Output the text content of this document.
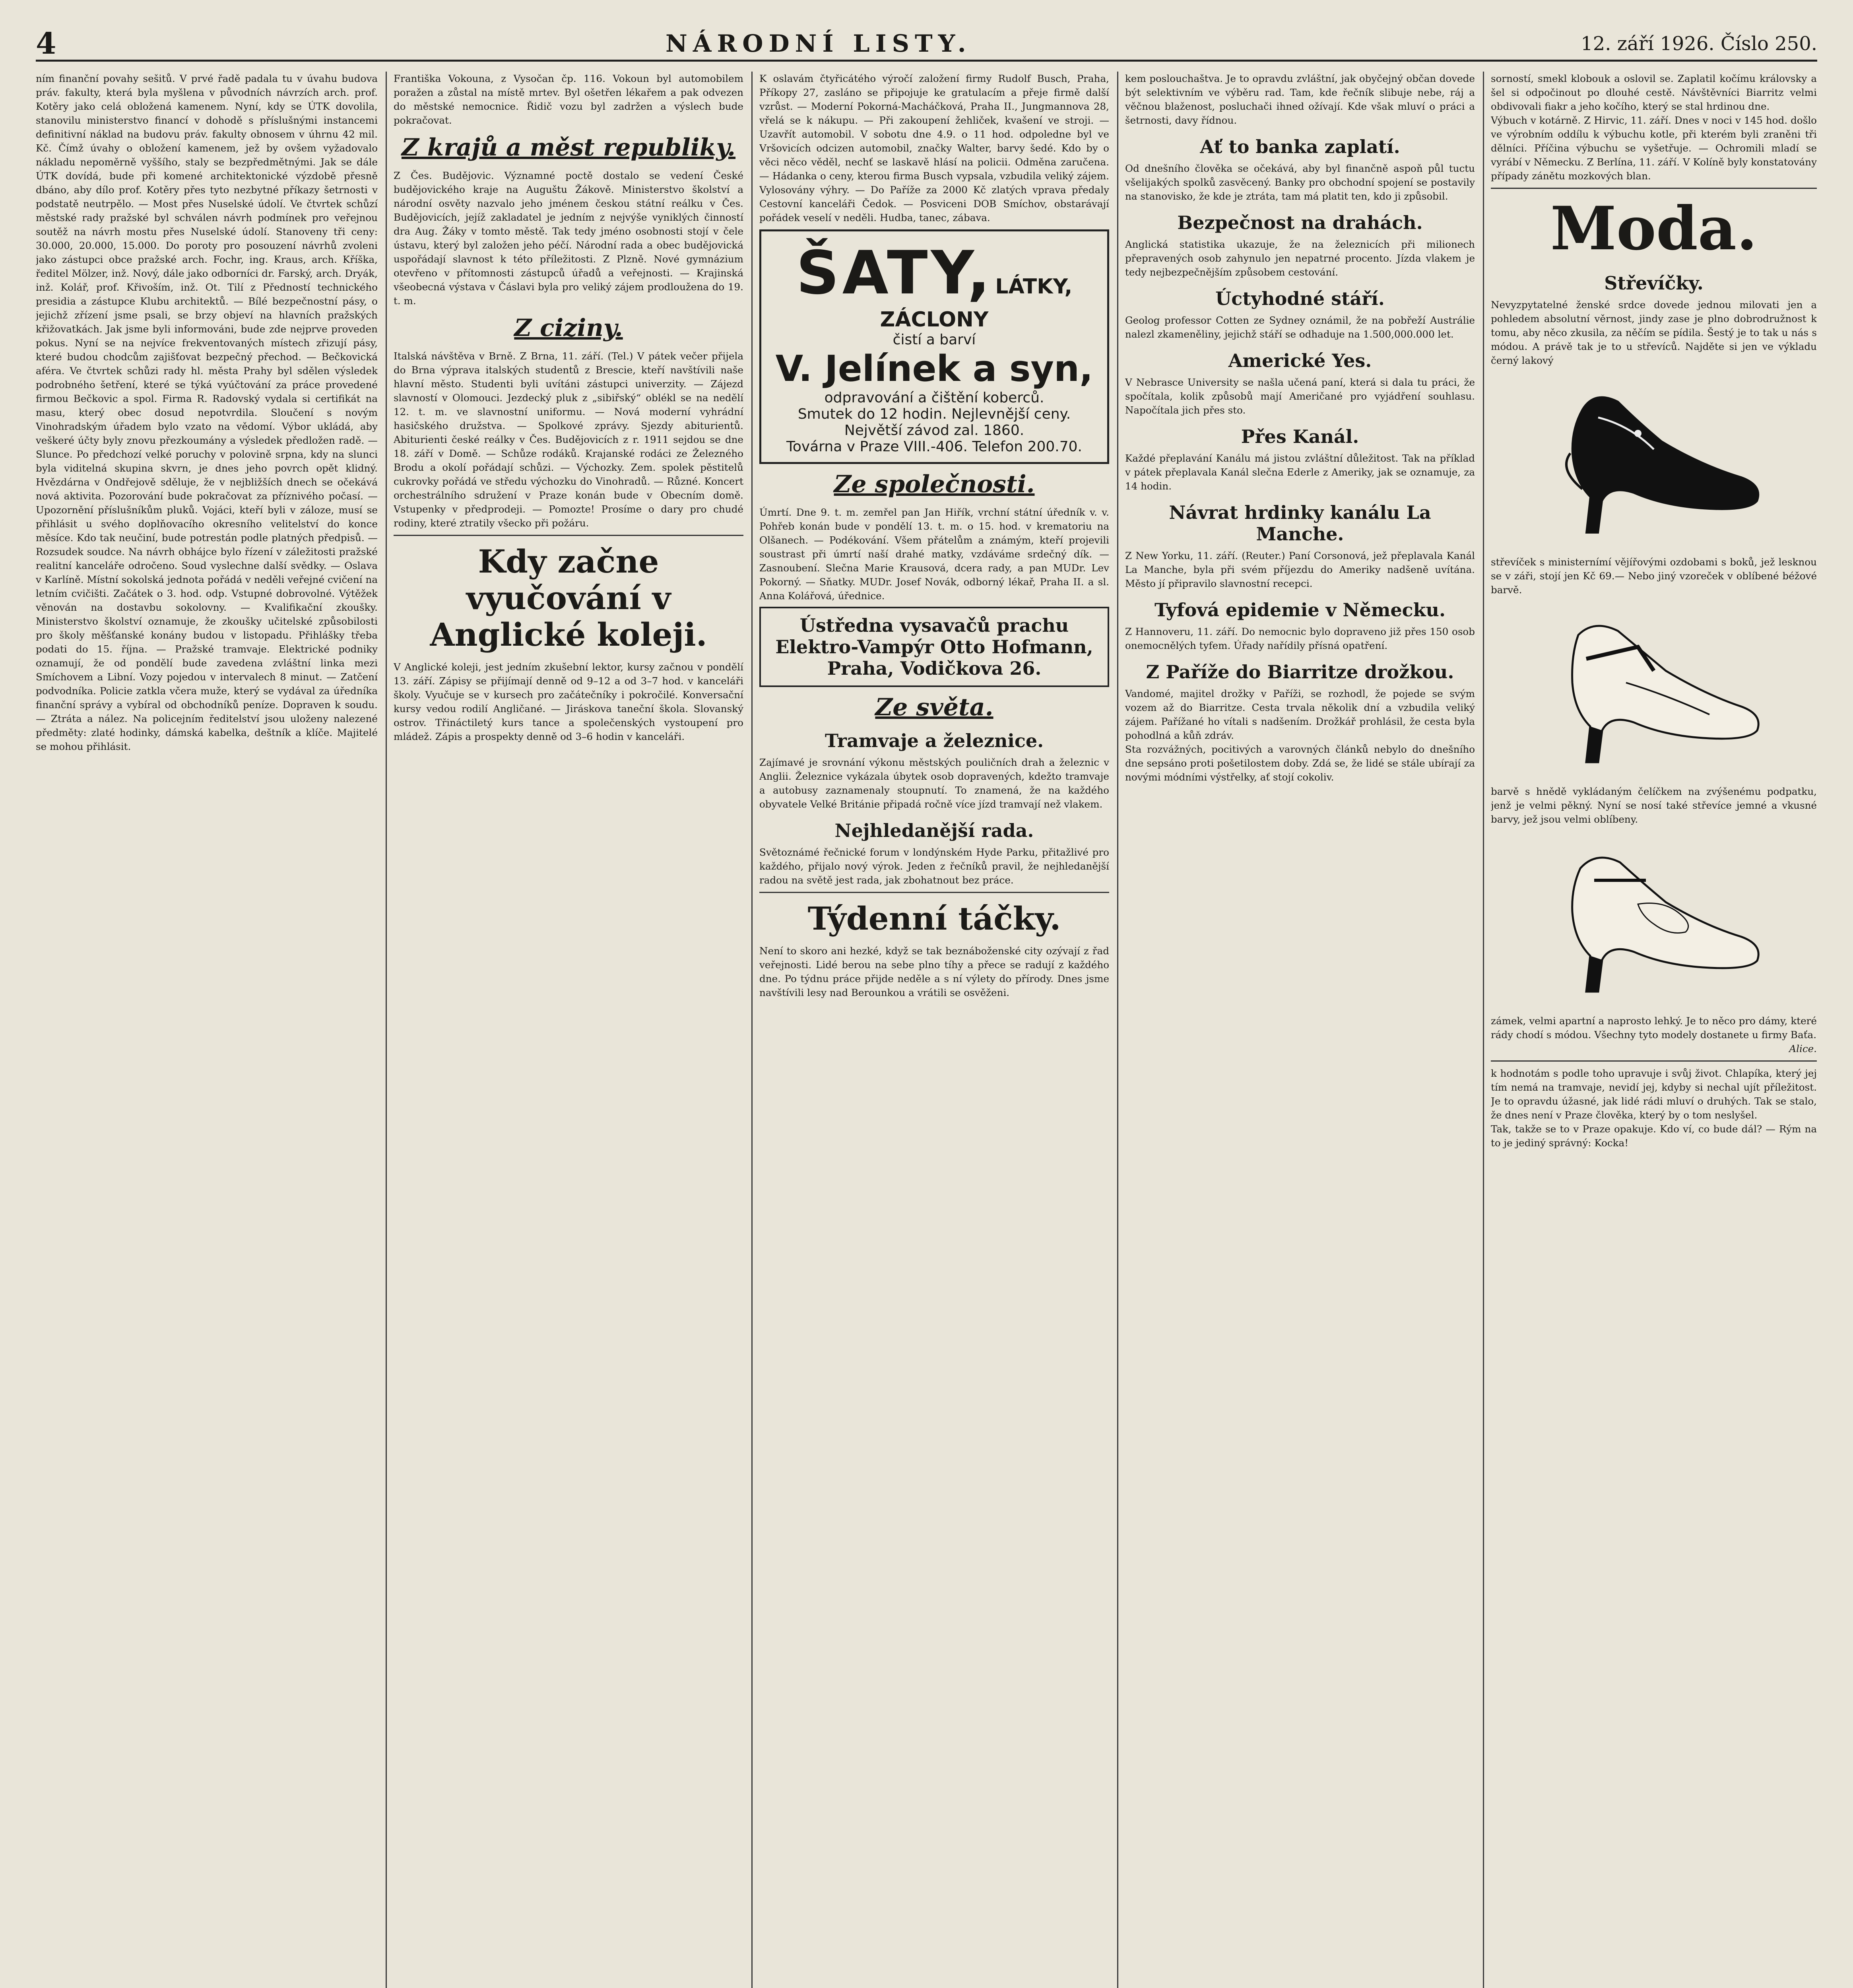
4	NÁRODNÍ LISTY.	12. září 1926. Číslo 250.
ním finanční povahy sešitů. V prvé řadě padala tu v úvahu budova práv. fakulty, která byla myšlena v původních návrzích arch. prof. Kotěry jako celá obložená kamenem. Nyní, kdy se ÚTK dovolila, stanovilu ministerstvo financí v dohodě s příslušnými instancemi definitivní náklad na budovu práv. fakulty obnosem v úhrnu 42 mil. Kč. Čímž úvahy o obložení kamenem, jež by ovšem vyžadovalo nákladu nepoměrně vyššího, staly se bezpředmětnými. Jak se dále ÚTK dovídá, bude při komené architektonické výzdobě přesně dbáno, aby dílo prof. Kotěry přes tyto nezbytné příkazy šetrnosti v podstatě neutrpělo. — Most přes Nuselské údolí. Ve čtvrtek schůzí městské rady pražské byl schválen návrh podmínek pro veřejnou soutěž na návrh mostu přes Nuselské údolí. Stanoveny tři ceny: 30.000, 20.000, 15.000. Do poroty pro posouzení návrhů zvoleni jako zástupci obce pražské arch. Fochr, ing. Kraus, arch. Kříška, ředitel Mölzer, inž. Nový, dále jako odborníci dr. Farský, arch. Dryák, inž. Kolář, prof. Křivoším, inž. Ot. Tilí z Předností technického presidia a zástupce Klubu architektů. — Bílé bezpečnostní pásy, o jejichž zřízení jsme psali, se brzy objeví na hlavních pražských křižovatkách. Jak jsme byli informováni, bude zde nejprve proveden pokus. Nyní se na nejvíce frekventovaných místech zřizují pásy, které budou chodcům zajišťovat bezpečný přechod. — Bečkovická aféra. Ve čtvrtek schůzi rady hl. města Prahy byl sdělen výsledek podrobného šetření, které se týká vyúčtování za práce provedené firmou Bečkovic a spol. Firma R. Radovský vydala si certifikát na masu, který obec dosud nepotvrdila. Sloučení s novým Vinohradským úřadem bylo vzato na vědomí. Výbor ukládá, aby veškeré účty byly znovu přezkoumány a výsledek předložen radě. — Slunce. Po předchozí velké poruchy v polovině srpna, kdy na slunci byla viditelná skupina skvrn, je dnes jeho povrch opět klidný. Hvězdárna v Ondřejově sděluje, že v nejbližších dnech se očekává nová aktivita. Pozorování bude pokračovat za příznivého počasí. — Upozornění příslušníkům pluků. Vojáci, kteří byli v záloze, musí se přihlásit u svého doplňovacího okresního velitelství do konce měsíce. Kdo tak neučiní, bude potrestán podle platných předpisů. — Rozsudek soudce. Na návrh obhájce bylo řízení v záležitosti pražské realitní kanceláře odročeno. Soud vyslechne další svědky. — Oslava v Karlíně. Místní sokolská jednota pořádá v neděli veřejné cvičení na letním cvičišti. Začátek o 3. hod. odp. Vstupné dobrovolné. Výtěžek věnován na dostavbu sokolovny. — Kvalifikační zkoušky. Ministerstvo školství oznamuje, že zkoušky učitelské způsobilosti pro školy měšťanské konány budou v listopadu. Přihlášky třeba podati do 15. října. — Pražské tramvaje. Elektrické podniky oznamují, že od pondělí bude zavedena zvláštní linka mezi Smíchovem a Libní. Vozy pojedou v intervalech 8 minut. — Zatčení podvodníka. Policie zatkla včera muže, který se vydával za úředníka finanční správy a vybíral od obchodníků peníze. Dopraven k soudu. — Ztráta a nález. Na policejním ředitelství jsou uloženy nalezené předměty: zlaté hodinky, dámská kabelka, deštník a klíče. Majitelé se mohou přihlásit.
Františka Vokouna, z Vysočan čp. 116. Vokoun byl automobilem poražen a zůstal na místě mrtev. Byl ošetřen lékařem a pak odvezen do městské nemocnice. Řidič vozu byl zadržen a výslech bude pokračovat.
Z krajů a měst republiky.
Z Čes. Budějovic. Významné poctě dostalo se vedení České budějovického kraje na Auguštu Žákově. Ministerstvo školství a národní osvěty nazvalo jeho jménem českou státní reálku v Čes. Budějovicích, jejíž zakladatel je jedním z nejvýše vyniklých činností dra Aug. Žáky v tomto městě. Tak tedy jméno osobnosti stojí v čele ústavu, který byl založen jeho péčí. Národní rada a obec budějovická uspořádají slavnost k této příležitosti. Z Plzně. Nové gymnázium otevřeno v přítomnosti zástupců úřadů a veřejnosti. — Krajinská všeobecná výstava v Čáslavi byla pro veliký zájem prodloužena do 19. t. m.
Z ciziny.
Italská návštěva v Brně. Z Brna, 11. září. (Tel.) V pátek večer přijela do Brna výprava italských studentů z Brescie, kteří navštívili naše hlavní město. Studenti byli uvítáni zástupci univerzity. — Zájezd slavností v Olomouci. Jezdecký pluk z „sibiřský“ oblékl se na nedělí 12. t. m. ve slavnostní uniformu. — Nová moderní vyhrádní hasičského družstva. — Spolkové zprávy. Sjezdy abiturientů. Abiturienti české reálky v Čes. Budějovicích z r. 1911 sejdou se dne 18. září v Domě. — Schůze rodáků. Krajanské rodáci ze Železného Brodu a okolí pořádají schůzi. — Výchozky. Zem. spolek pěstitelů cukrovky pořádá ve středu výchozku do Vinohradů. — Různé. Koncert orchestrálního sdružení v Praze konán bude v Obecním domě. Vstupenky v předprodeji. — Pomozte! Prosíme o dary pro chudé rodiny, které ztratily všecko při požáru.
Kdy začne vyučování v Anglické koleji.
V Anglické koleji, jest jedním zkušební lektor, kursy začnou v pondělí 13. září. Zápisy se přijímají denně od 9–12 a od 3–7 hod. v kanceláři školy. Vyučuje se v kursech pro začátečníky i pokročilé. Konversační kursy vedou rodilí Angličané. — Jiráskova taneční škola. Slovanský ostrov. Třináctiletý kurs tance a společenských vystoupení pro mládež. Zápis a prospekty denně od 3–6 hodin v kanceláři.
K oslavám čtyřicátého výročí založení firmy Rudolf Busch, Praha, Příkopy 27, zasláno se připojuje ke gratulacím a přeje firmě další vzrůst. — Moderní Pokorná-Macháčková, Praha II., Jungmannova 28, vřelá se k nákupu. — Při zakoupení žehliček, kvašení ve stroji. — Uzavřít automobil. V sobotu dne 4.9. o 11 hod. odpoledne byl ve Vršovicích odcizen automobil, značky Walter, barvy šedé. Kdo by o věci něco věděl, nechť se laskavě hlásí na policii. Odměna zaručena. — Hádanka o ceny, kterou firma Busch vypsala, vzbudila veliký zájem. Vylosovány výhry. — Do Paříže za 2000 Kč zlatých vprava předaly Cestovní kanceláři Čedok. — Posviceni DOB Smíchov, obstarávají pořádek veselí v neděli. Hudba, tanec, zábava.
ŠATY, LÁTKY, ZÁCLONY
čistí a barví
V. Jelínek a syn,
odpravování a čištění koberců.
Smutek do 12 hodin. Nejlevnější ceny.
Největší závod zal. 1860.
Továrna v Praze VIII.-406. Telefon 200.70.
Ze společnosti.
Úmrtí. Dne 9. t. m. zemřel pan Jan Hiřík, vrchní státní úředník v. v. Pohřeb konán bude v pondělí 13. t. m. o 15. hod. v krematoriu na Olšanech. — Podékování. Všem přátelům a známým, kteří projevili soustrast při úmrtí naší drahé matky, vzdáváme srdečný dík. — Zasnoubení. Slečna Marie Krausová, dcera rady, a pan MUDr. Lev Pokorný. — Sňatky. MUDr. Josef Novák, odborný lékař, Praha II. a sl. Anna Kolářová, úřednice.
Ústředna vysavačů prachu Elektro-Vampýr Otto Hofmann, Praha, Vodičkova 26.
Ze světa.
Tramvaje a železnice.
Zajímavé je srovnání výkonu městských pouličních drah a železnic v Anglii. Železnice vykázala úbytek osob dopravených, kdežto tramvaje a autobusy zaznamenaly stoupnutí. To znamená, že na každého obyvatele Velké Británie připadá ročně více jízd tramvají než vlakem.
Nejhledanější rada.
Světoznámé řečnické forum v londýnském Hyde Parku, přitažlivé pro každého, přijalo nový výrok. Jeden z řečníků pravil, že nejhledanější radou na světě jest rada, jak zbohatnout bez práce.
Týdenní táčky.
Není to skoro ani hezké, když se tak beznáboženské city ozývají z řad veřejnosti. Lidé berou na sebe plno tíhy a přece se radují z každého dne. Po týdnu práce přijde neděle a s ní výlety do přírody. Dnes jsme navštívili lesy nad Berounkou a vrátili se osvěženi.
kem poslouchaštva. Je to opravdu zvláštní, jak obyčejný občan dovede být selektivním ve výběru rad. Tam, kde řečník slibuje nebe, ráj a věčnou blaženost, posluchači ihned ožívají. Kde však mluví o práci a šetrnosti, davy řídnou.
Ať to banka zaplatí.
Od dnešního člověka se očekává, aby byl finančně aspoň půl tuctu všelijakých spolků zasvěcený. Banky pro obchodní spojení se postavily na stanovisko, že kde je ztráta, tam má platit ten, kdo ji způsobil.
Bezpečnost na drahách.
Anglická statistika ukazuje, že na železnicích při milionech přepravených osob zahynulo jen nepatrné procento. Jízda vlakem je tedy nejbezpečnějším způsobem cestování.
Úctyhodné stáří.
Geolog professor Cotten ze Sydney oznámil, že na pobřeží Austrálie nalezl zkameněliny, jejichž stáří se odhaduje na 1.500,000.000 let.
Americké Yes.
V Nebrasce University se našla učená paní, která si dala tu práci, že spočítala, kolik způsobů mají Američané pro vyjádření souhlasu. Napočítala jich přes sto.
Přes Kanál.
Každé přeplavání Kanálu má jistou zvláštní důležitost. Tak na příklad v pátek přeplavala Kanál slečna Ederle z Ameriky, jak se oznamuje, za 14 hodin.
Návrat hrdinky kanálu La Manche.
Z New Yorku, 11. září. (Reuter.) Paní Corsonová, jež přeplavala Kanál La Manche, byla při svém příjezdu do Ameriky nadšeně uvítána. Město jí připravilo slavnostní recepci.
Tyfová epidemie v Německu.
Z Hannoveru, 11. září. Do nemocnic bylo dopraveno již přes 150 osob onemocnělých tyfem. Úřady nařídily přísná opatření.
Z Paříže do Biarritze drožkou.
Vandomé, majitel drožky v Paříži, se rozhodl, že pojede se svým vozem až do Biarritze. Cesta trvala několik dní a vzbudila veliký zájem. Pařížané ho vítali s nadšením. Drožkář prohlásil, že cesta byla pohodlná a kůň zdráv.
Sta rozvážných, pocitivých a varovných článků nebylo do dnešního dne sepsáno proti pošetilostem doby. Zdá se, že lidé se stále ubírají za novými módními výstřelky, ať stojí cokoliv.
sorností, smekl klobouk a oslovil se. Zaplatil kočímu královsky a šel si odpočinout po dlouhé cestě. Návštěvníci Biarritz velmi obdivovali fiakr a jeho kočího, který se stal hrdinou dne.
Výbuch v kotárně. Z Hirvic, 11. září. Dnes v noci v 145 hod. došlo ve výrobním oddílu k výbuchu kotle, při kterém byli zraněni tři dělníci. Příčina výbuchu se vyšetřuje. — Ochromili mladí se vyrábí v Německu. Z Berlína, 11. září. V Kolíně byly konstatovány případy zánětu mozkových blan.
Moda.
Střevíčky.
Nevyzpytatelné ženské srdce dovede jednou milovati jen a pohledem absolutní věrnost, jindy zase je plno dobrodružnost k tomu, aby něco zkusila, za něčím se pídila. Šestý je to tak u nás s módou. A právě tak je to u střevíců. Najděte si jen ve výkladu černý lakový
střevíček s ministernímí vějířovými ozdobami s boků, jež lesknou se v záři, stojí jen Kč 69.— Nebo jiný vzoreček v oblíbené béžové barvě.
barvě s hnědě vykládaným čelíčkem na zvýšenému podpatku, jenž je velmi pěkný. Nyní se nosí také střevíce jemné a vkusné barvy, jež jsou velmi oblíbeny.
zámek, velmi apartní a naprosto lehký. Je to něco pro dámy, které rády chodí s módou. Všechny tyto modely dostanete u firmy Baťa.
Alice.
k hodnotám s podle toho upravuje i svůj život. Chlapíka, který jej tím nemá na tramvaje, nevidí jej, kdyby si nechal ujít příležitost. Je to opravdu úžasné, jak lidé rádi mluví o druhých. Tak se stalo, že dnes není v Praze člověka, který by o tom neslyšel.
Tak, takže se to v Praze opakuje. Kdo ví, co bude dál? — Rým na to je jediný správný: Kocka!
